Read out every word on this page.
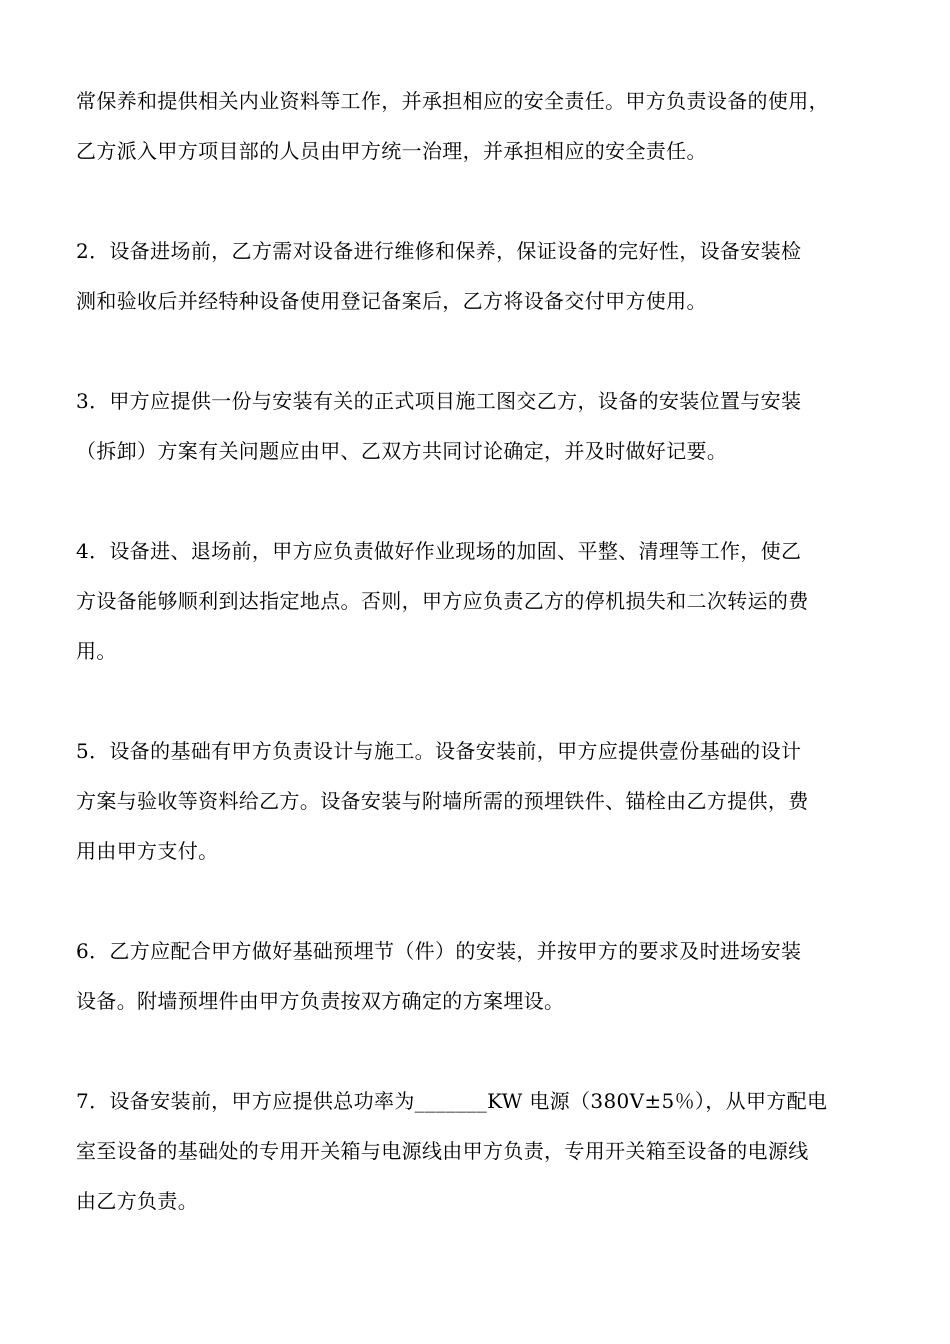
常保养和提供相关内业资料等工作，并承担相应的安全责任。甲方负责设备的使用，
乙方派入甲方项目部的人员由甲方统一治理，并承担相应的安全责任。
2．设备进场前，乙方需对设备进行维修和保养，保证设备的完好性，设备安装检
测和验收后并经特种设备使用登记备案后，乙方将设备交付甲方使用。
3．甲方应提供一份与安装有关的正式项目施工图交乙方，设备的安装位置与安装
（拆卸）方案有关问题应由甲、乙双方共同讨论确定，并及时做好记要。
4．设备进、退场前，甲方应负责做好作业现场的加固、平整、清理等工作，使乙
方设备能够顺利到达指定地点。否则，甲方应负责乙方的停机损失和二次转运的费
用。
5．设备的基础有甲方负责设计与施工。设备安装前，甲方应提供壹份基础的设计
方案与验收等资料给乙方。设备安装与附墙所需的预埋铁件、锚栓由乙方提供，费
用由甲方支付。
6．乙方应配合甲方做好基础预埋节（件）的安装，并按甲方的要求及时进场安装
设备。附墙预埋件由甲方负责按双方确定的方案埋设。
7．设备安装前，甲方应提供总功率为_______KW 电源（380V±5％），从甲方配电
室至设备的基础处的专用开关箱与电源线由甲方负责，专用开关箱至设备的电源线
由乙方负责。
